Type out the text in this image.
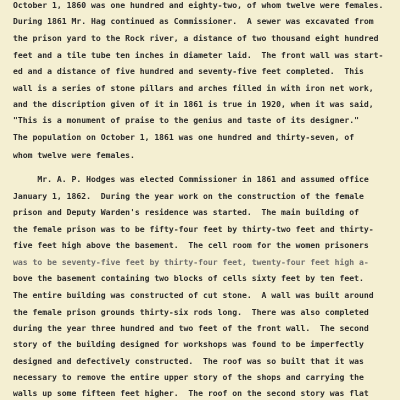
October 1, 1860 was one hundred and eighty-two, of whom twelve were females.
During 1861 Mr. Hag continued as Commissioner.  A sewer was excavated from
the prison yard to the Rock river, a distance of two thousand eight hundred
feet and a tile tube ten inches in diameter laid.  The front wall was start-
ed and a distance of five hundred and seventy-five feet completed.  This
wall is a series of stone pillars and arches filled in with iron net work,
and the discription given of it in 1861 is true in 1920, when it was said,
"This is a monument of praise to the genius and taste of its designer."
The population on October 1, 1861 was one hundred and thirty-seven, of
whom twelve were females.
Mr. A. P. Hodges was elected Commissioner in 1861 and assumed office
January 1, 1862.  During the year work on the construction of the female
prison and Deputy Warden's residence was started.  The main building of
the female prison was to be fifty-four feet by thirty-two feet and thirty-
five feet high above the basement.  The cell room for the women prisoners
was to be seventy-five feet by thirty-four feet, twenty-four feet high a-
bove the basement containing two blocks of cells sixty feet by ten feet.
The entire building was constructed of cut stone.  A wall was built around
the female prison grounds thirty-six rods long.  There was also completed
during the year three hundred and two feet of the front wall.  The second
story of the building designed for workshops was found to be imperfectly
designed and defectively constructed.  The roof was so built that it was
necessary to remove the entire upper story of the shops and carrying the
walls up some fifteen feet higher.  The roof on the second story was flat
